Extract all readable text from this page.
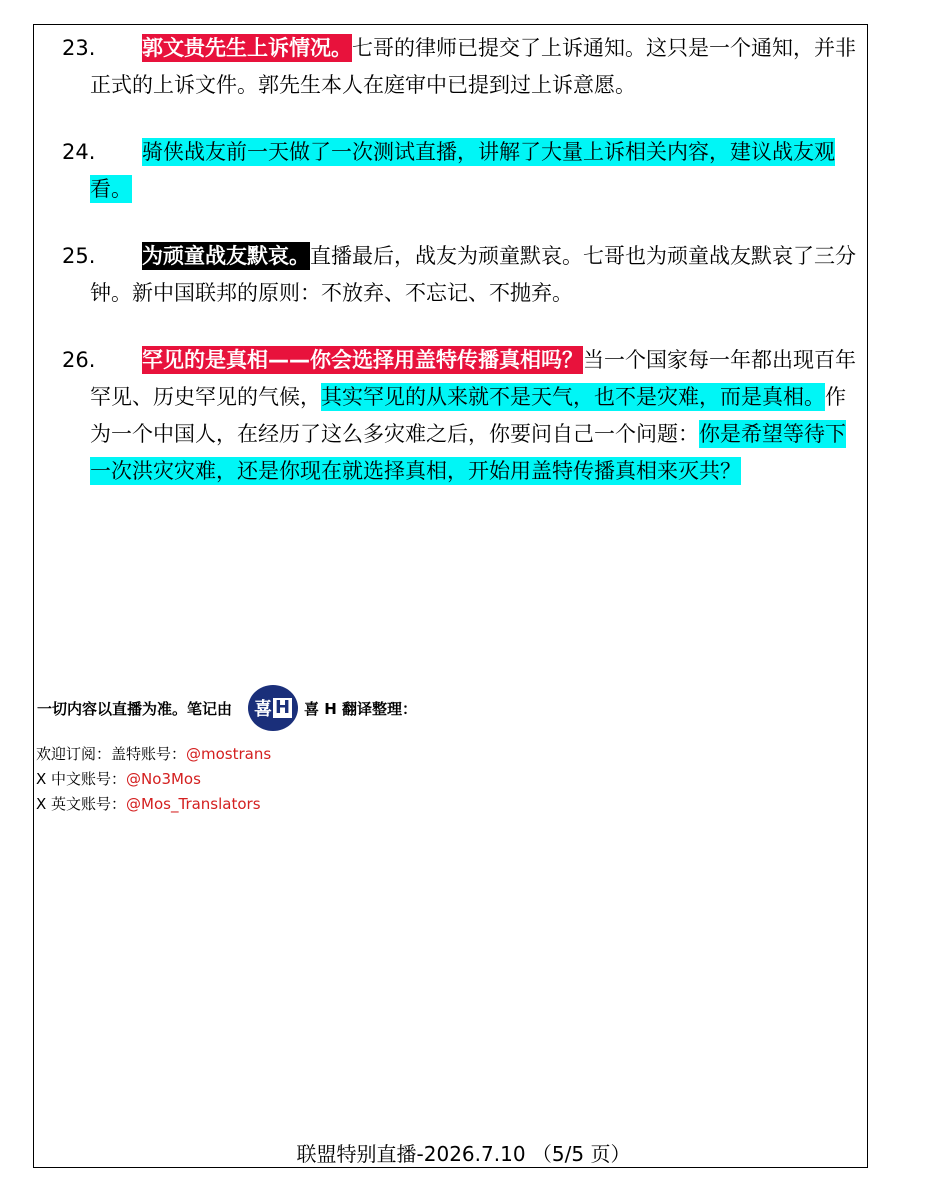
23.	郭文贵先生上诉情况。七哥的律师已提交了上诉通知。这只是一个通知，并非正式的上诉文件。郭先生本人在庭审中已提到过上诉意愿。
24.	骑侠战友前一天做了一次测试直播，讲解了大量上诉相关内容，建议战友观看。
25.	为顽童战友默哀。直播最后，战友为顽童默哀。七哥也为顽童战友默哀了三分钟。新中国联邦的原则：不放弃、不忘记、不抛弃。
26.	罕见的是真相——你会选择用盖特传播真相吗？当一个国家每一年都出现百年罕见、历史罕见的气候，其实罕见的从来就不是天气，也不是灾难，而是真相。作为一个中国人，在经历了这么多灾难之后，你要问自己一个问题：你是希望等待下一次洪灾灾难，还是你现在就选择真相，开始用盖特传播真相来灭共？
一切内容以直播为准。笔记由 喜 H 喜 H 翻译整理：
欢迎订阅：盖特账号：@mostrans
X 中文账号：@No3Mos
X 英文账号：@Mos_Translators
联盟特别直播-2026.7.10 （5/5 页）
